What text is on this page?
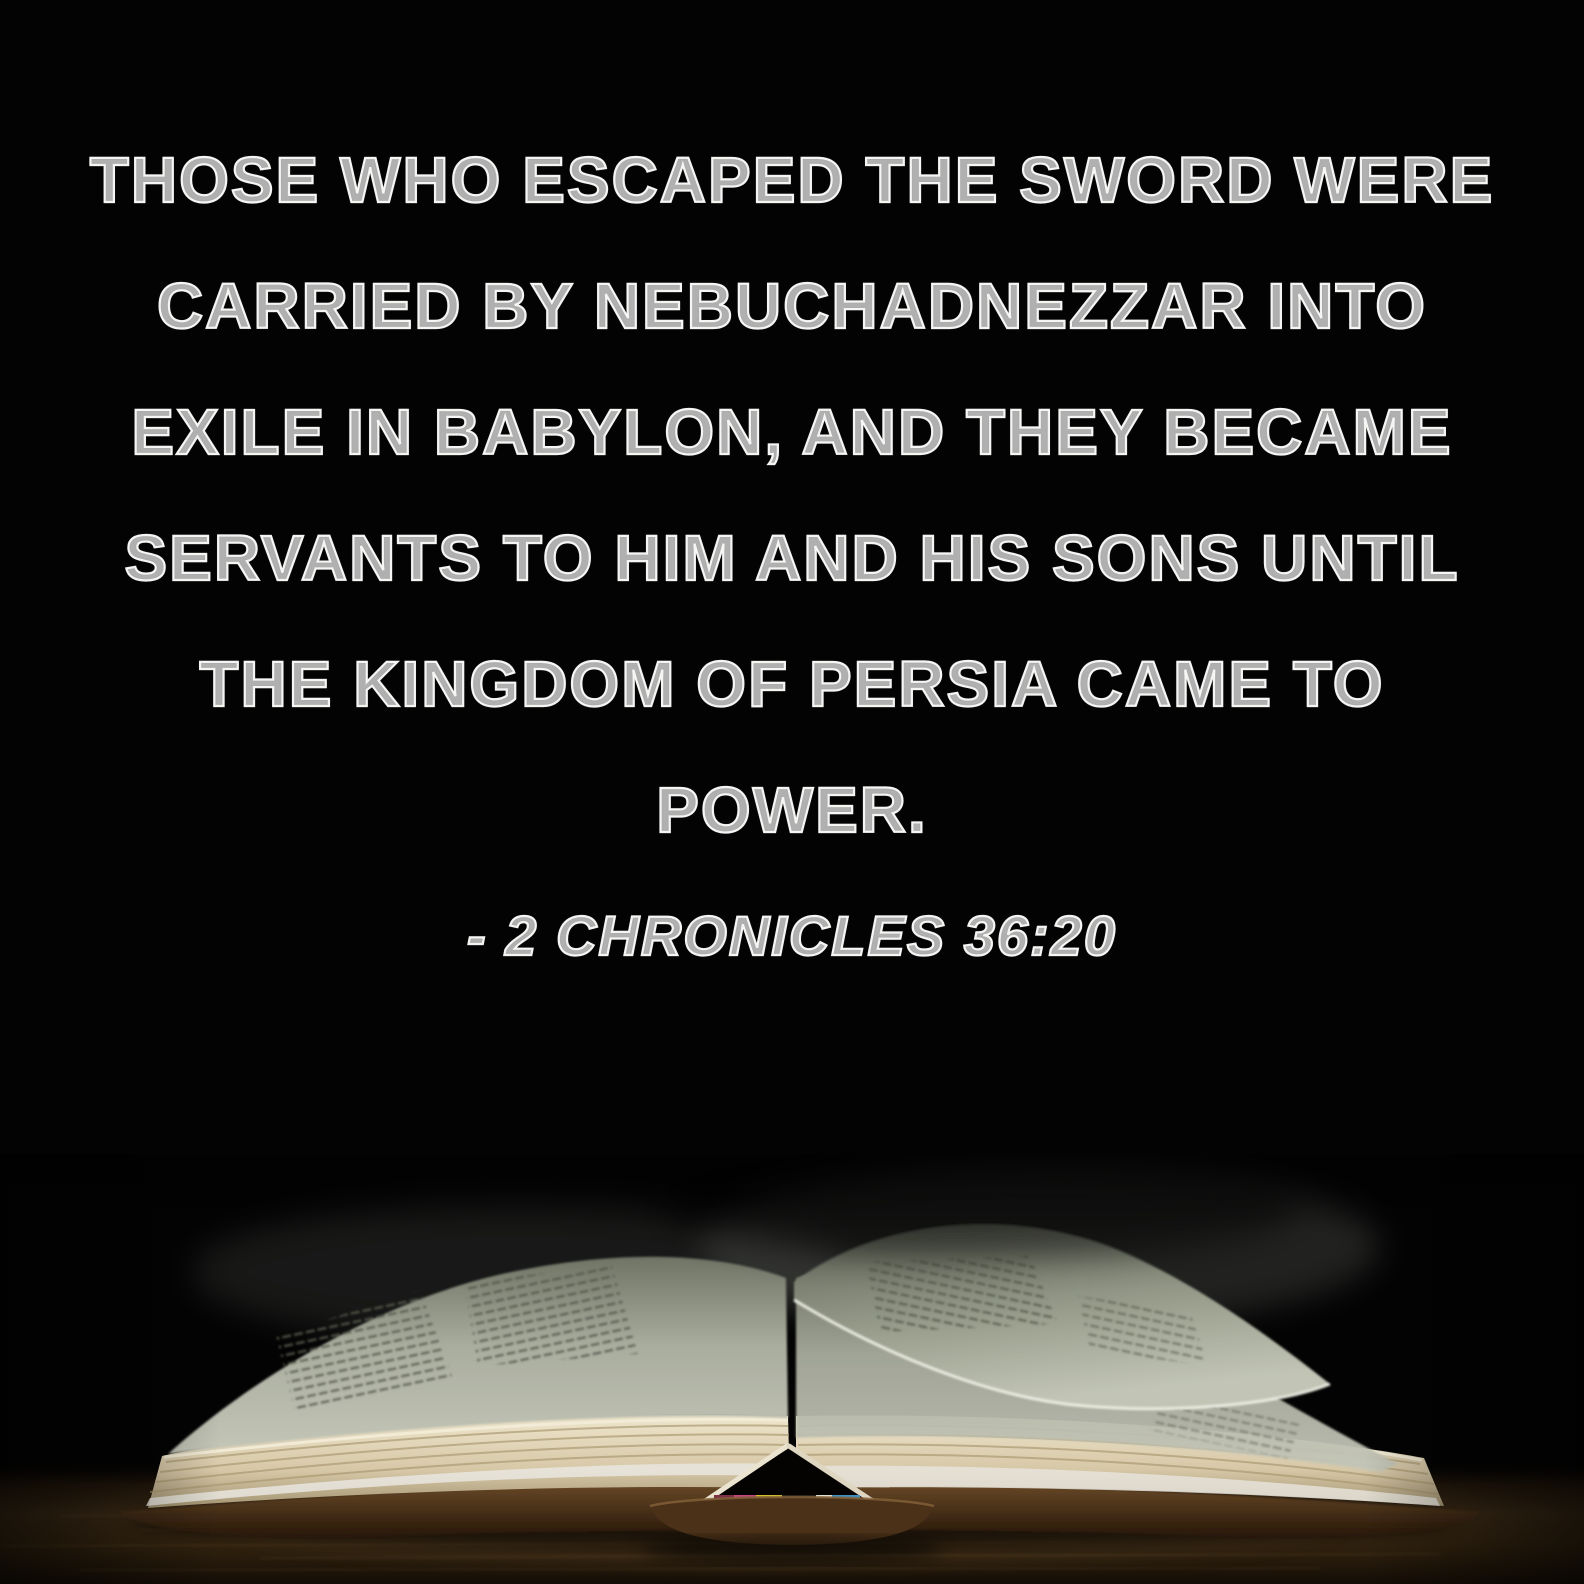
THOSE WHO ESCAPED THE SWORD WERE
CARRIED BY NEBUCHADNEZZAR INTO
EXILE IN BABYLON, AND THEY BECAME
SERVANTS TO HIM AND HIS SONS UNTIL
THE KINGDOM OF PERSIA CAME TO
POWER.
- 2 CHRONICLES 36:20
